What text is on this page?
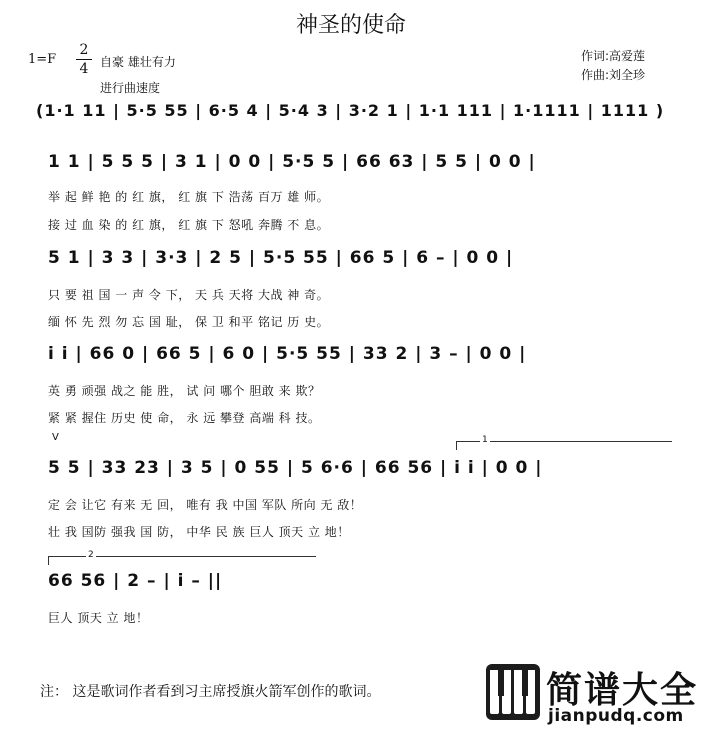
神圣的使命
1=F
2
4 自豪 雄壮有力
进行曲速度
作词:高爱莲
作曲:刘全珍
(1·1 11 | 5·5 55 | 6·5 4 | 5·4 3 | 3·2 1 | 1·1 111 | 1·1111 | 1111 )
1 1 | 5 5 5 | 3 1 | 0 0 | 5·5 5 | 66 63 | 5 5 | 0 0 |
举 起 鲜 艳 的 红 旗， 红 旗 下 浩荡 百万 雄 师。
接 过 血 染 的 红 旗， 红 旗 下 怒吼 奔腾 不 息。
5 1 | 3 3 | 3·3 | 2 5 | 5·5 55 | 66 5 | 6 – | 0 0 |
只 要 祖 国 一 声 令 下， 天 兵 天将 大战 神 奇。
缅 怀 先 烈 勿 忘 国 耻， 保 卫 和平 铭记 历 史。
i i | 66 0 | 66 5 | 6 0 | 5·5 55 | 33 2 | 3 – | 0 0 |
英 勇 顽强 战之 能 胜， 试 问 哪个 胆敢 来 欺？
紧 紧 握住 历史 使 命， 永 远 攀登 高端 科 技。
V	1
5 5 | 33 23 | 3 5 | 0 55 | 5 6·6 | 66 56 | i i | 0 0 |
定 会 让它 有来 无 回， 唯有 我 中国 军队 所向 无 敌！
壮 我 国防 强我 国 防， 中华 民 族 巨人 顶天 立 地！
2
66 56 | 2 – | i – ||
巨人 顶天 立 地！
注： 这是歌词作者看到习主席授旗火箭军创作的歌词。	简谱大全
jianpudq.com
